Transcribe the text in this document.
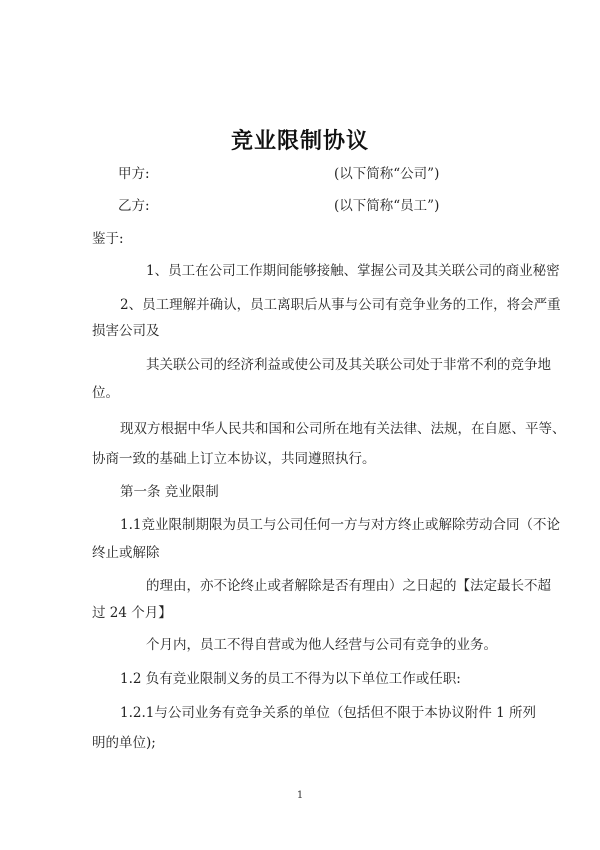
竞业限制协议
甲方:	(以下简称“公司”)
乙方:	(以下简称“员工”)
鉴于:
1、员工在公司工作期间能够接触、掌握公司及其关联公司的商业秘密
2、员工理解并确认，员工离职后从事与公司有竞争业务的工作，将会严重
损害公司及
其关联公司的经济利益或使公司及其关联公司处于非常不利的竞争地
位。
现双方根据中华人民共和国和公司所在地有关法律、法规，在自愿、平等、
协商一致的基础上订立本协议，共同遵照执行。
第一条 竞业限制
1.1竞业限制期限为员工与公司任何一方与对方终止或解除劳动合同（不论
终止或解除
的理由，亦不论终止或者解除是否有理由）之日起的【法定最长不超
过 24 个月】
个月内，员工不得自营或为他人经营与公司有竞争的业务。
1.2 负有竞业限制义务的员工不得为以下单位工作或任职:
1.2.1与公司业务有竞争关系的单位（包括但不限于本协议附件 1 所列
明的单位);
1
